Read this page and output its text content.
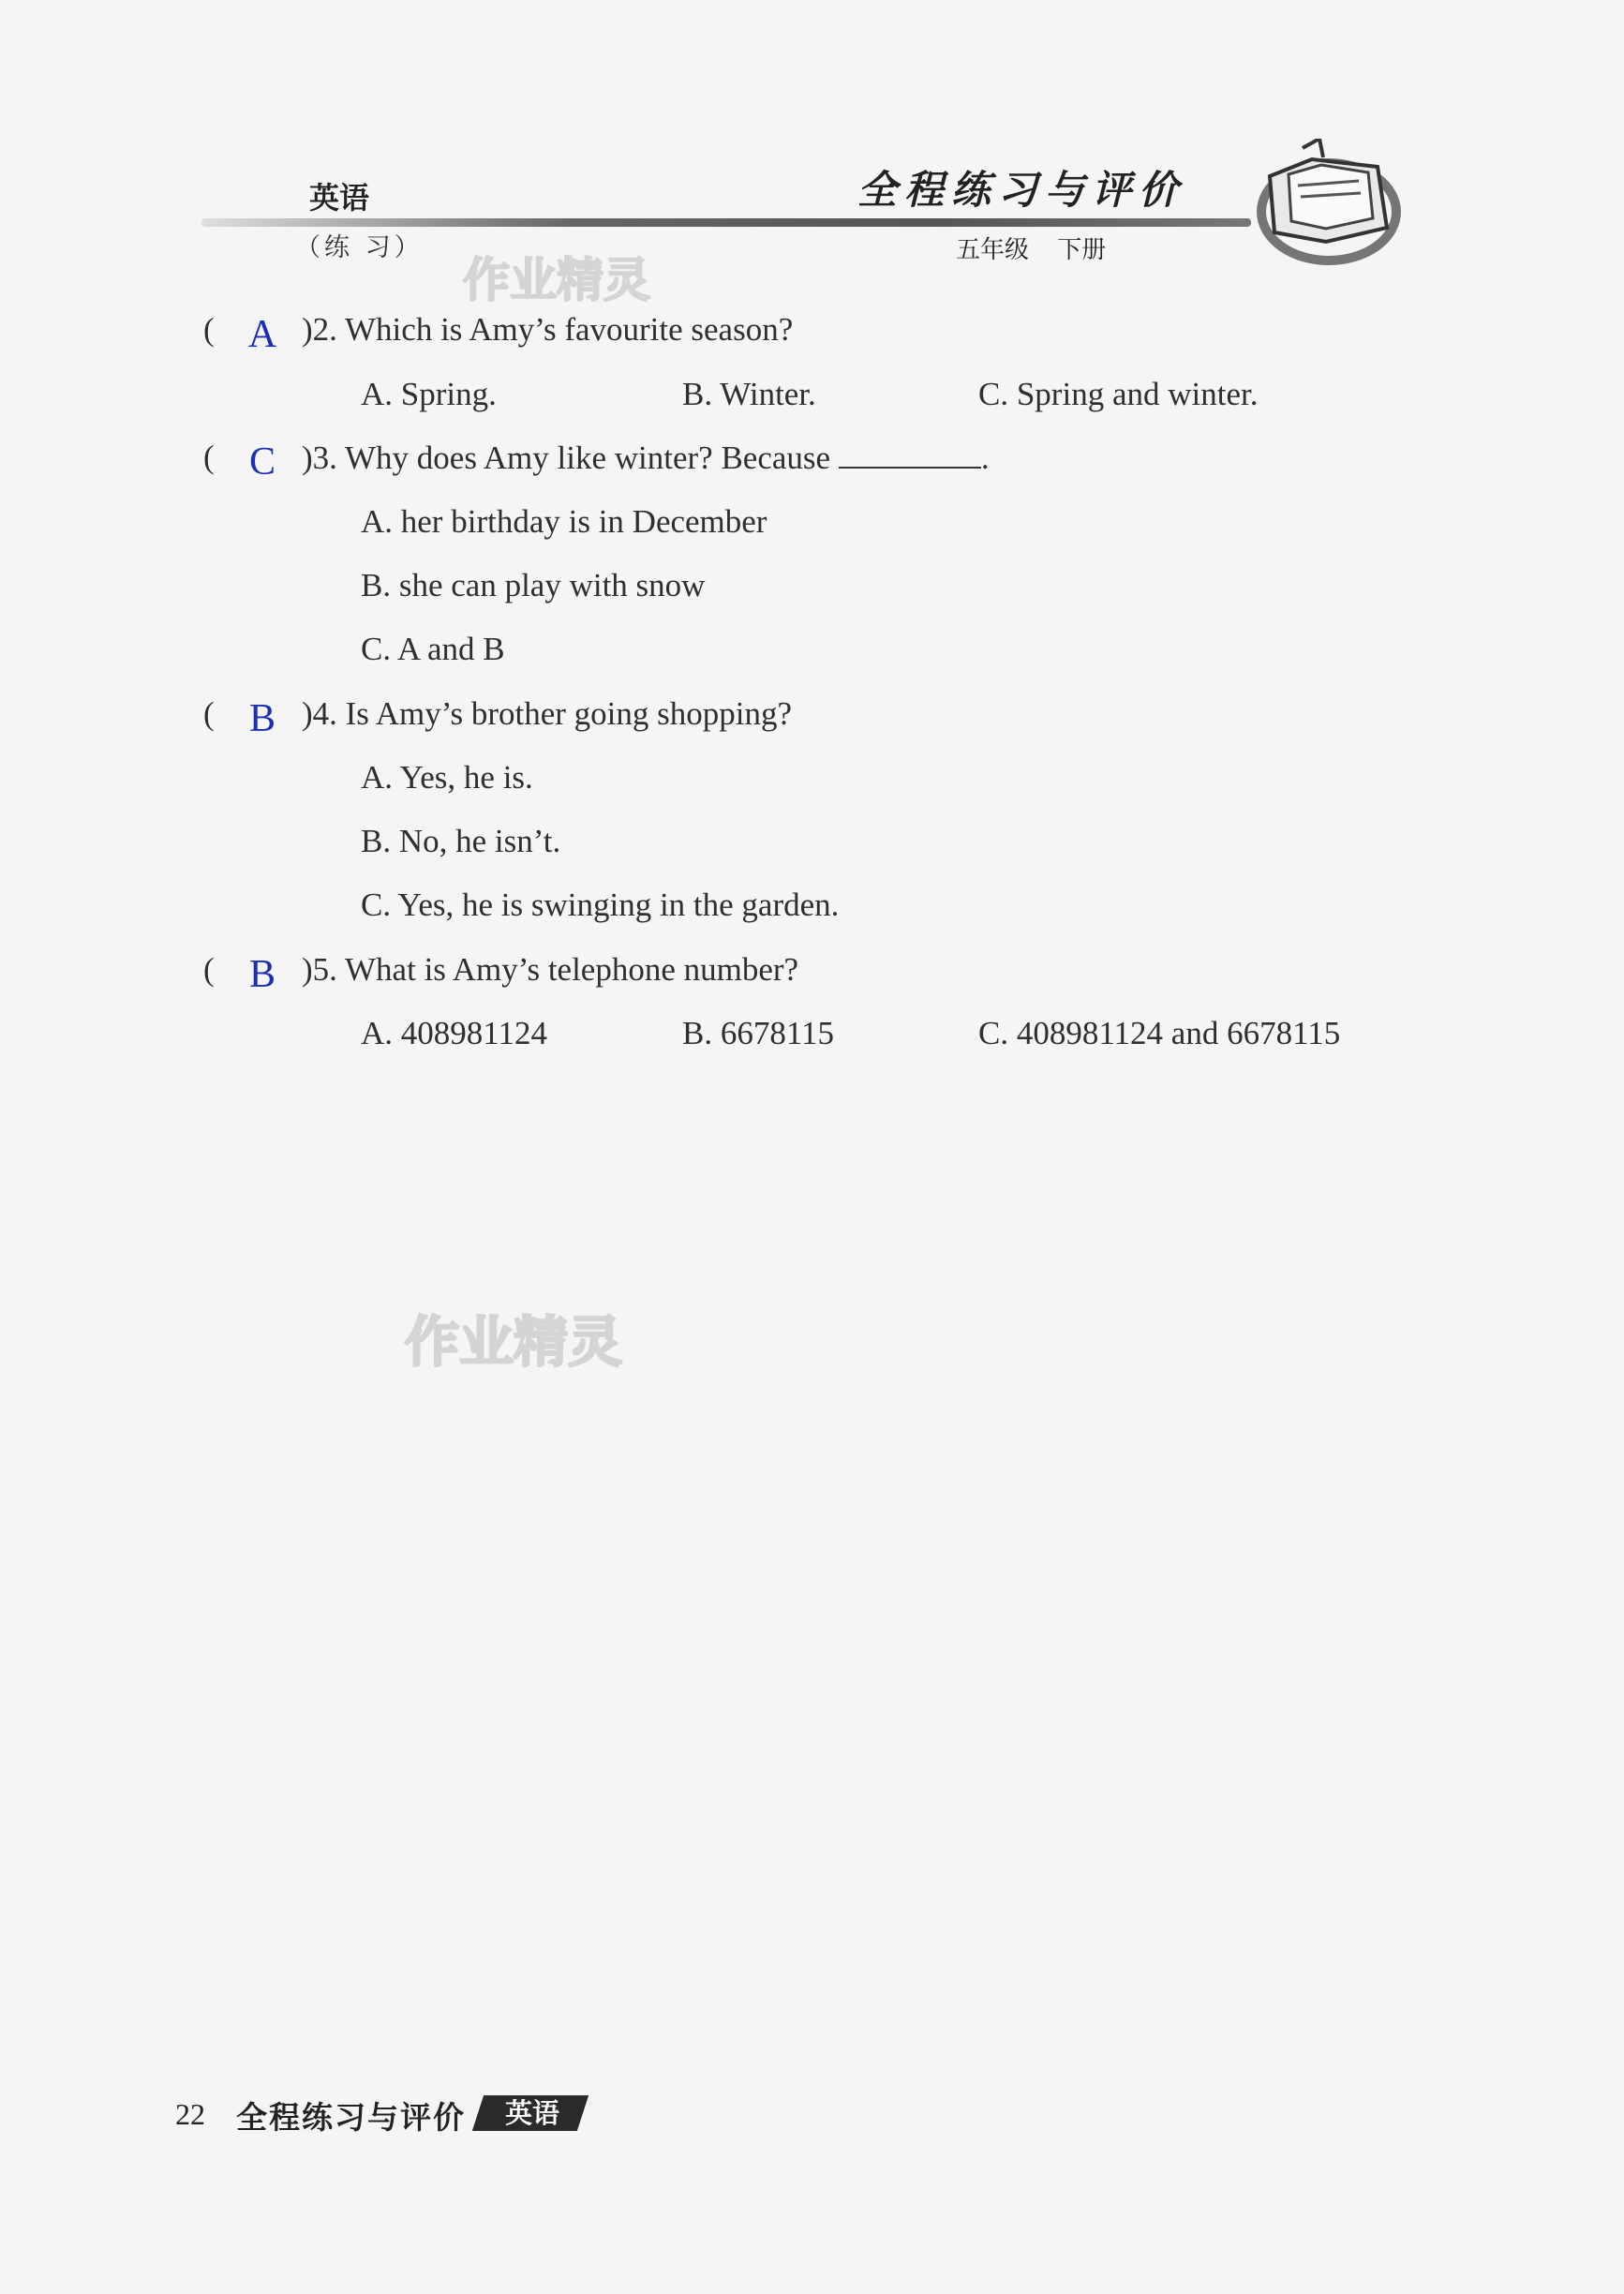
英语
（练 习）
全程练习与评价
五年级 下册
作业精灵
作业精灵
( A )2. Which is Amy’s favourite season?
A. Spring.	B. Winter.	C. Spring and winter.
( C )3. Why does Amy like winter? Because	.
A. her birthday is in December
B. she can play with snow
C. A and B
( B )4. Is Amy’s brother going shopping?
A. Yes, he is.
B. No, he isn’t.
C. Yes, he is swinging in the garden.
( B )5. What is Amy’s telephone number?
A. 408981124	B. 6678115	C. 408981124 and 6678115
22 全程练习与评价	英语
